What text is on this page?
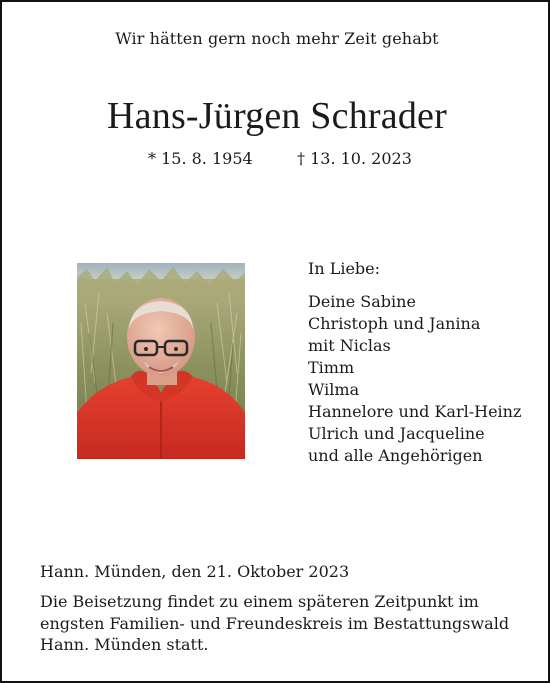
Wir hätten gern noch mehr Zeit gehabt
Hans-Jürgen Schrader
* 15. 8. 1954	† 13. 10. 2023
In Liebe:
Deine Sabine
Christoph und Janina
mit Niclas
Timm
Wilma
Hannelore und Karl-Heinz
Ulrich und Jacqueline
und alle Angehörigen
Hann. Münden, den 21. Oktober 2023
Die Beisetzung findet zu einem späteren Zeitpunkt im
engsten Familien- und Freundeskreis im Bestattungswald
Hann. Münden statt.
